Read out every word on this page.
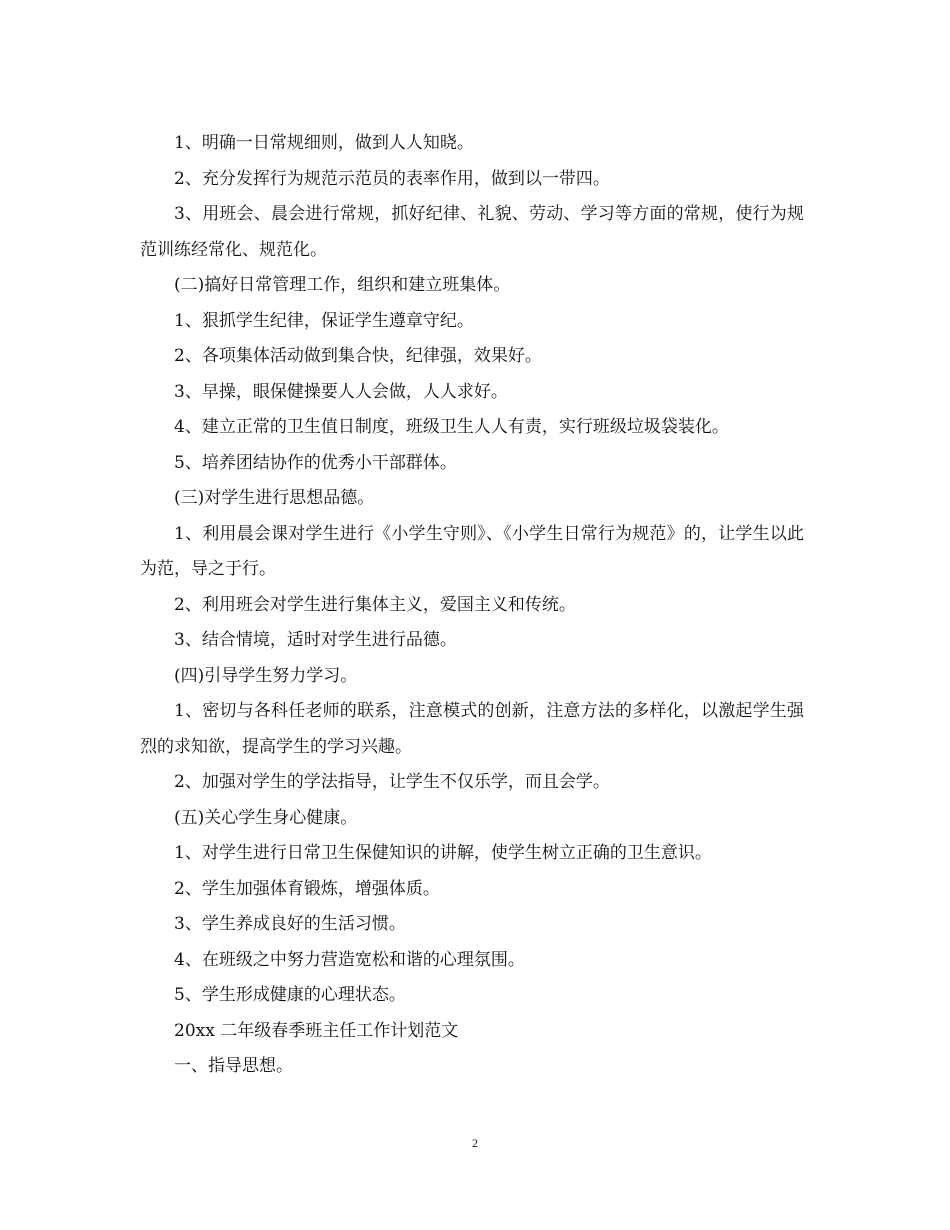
1、明确一日常规细则，做到人人知晓。

2、充分发挥行为规范示范员的表率作用，做到以一带四。

3、用班会、晨会进行常规，抓好纪律、礼貌、劳动、学习等方面的常规，使行为规范训练经常化、规范化。

(二)搞好日常管理工作，组织和建立班集体。

1、狠抓学生纪律，保证学生遵章守纪。

2、各项集体活动做到集合快，纪律强，效果好。

3、早操，眼保健操要人人会做，人人求好。

4、建立正常的卫生值日制度，班级卫生人人有责，实行班级垃圾袋装化。

5、培养团结协作的优秀小干部群体。

(三)对学生进行思想品德。

1、利用晨会课对学生进行《小学生守则》、《小学生日常行为规范》的，让学生以此为范，导之于行。

2、利用班会对学生进行集体主义，爱国主义和传统。

3、结合情境，适时对学生进行品德。

(四)引导学生努力学习。

1、密切与各科任老师的联系，注意模式的创新，注意方法的多样化，以激起学生强烈的求知欲，提高学生的学习兴趣。

2、加强对学生的学法指导，让学生不仅乐学，而且会学。

(五)关心学生身心健康。

1、对学生进行日常卫生保健知识的讲解，使学生树立正确的卫生意识。

2、学生加强体育锻炼，增强体质。

3、学生养成良好的生活习惯。

4、在班级之中努力营造宽松和谐的心理氛围。

5、学生形成健康的心理状态。

20xx 二年级春季班主任工作计划范文

一、指导思想。

2
